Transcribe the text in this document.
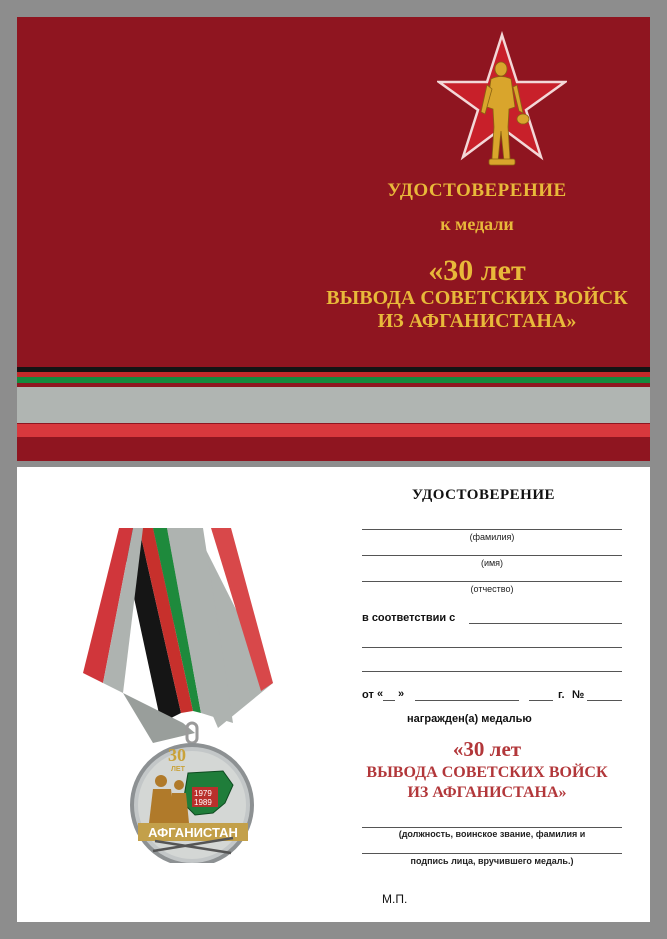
УДОСТОВЕРЕНИЕ
к медали
«30 лет
ВЫВОДА СОВЕТСКИХ ВОЙСК
ИЗ АФГАНИСТАНА»
30
ЛЕТ
1979
1989
АФГАНИСТАН
УДОСТОВЕРЕНИЕ
(фамилия)
(имя)
(отчество)
в соответствии с
от « »	г. №
награжден(а) медалью
«30 лет
ВЫВОДА СОВЕТСКИХ ВОЙСК
ИЗ АФГАНИСТАНА»
(должность, воинское звание, фамилия и
подпись лица, вручившего медаль.)
М.П.
